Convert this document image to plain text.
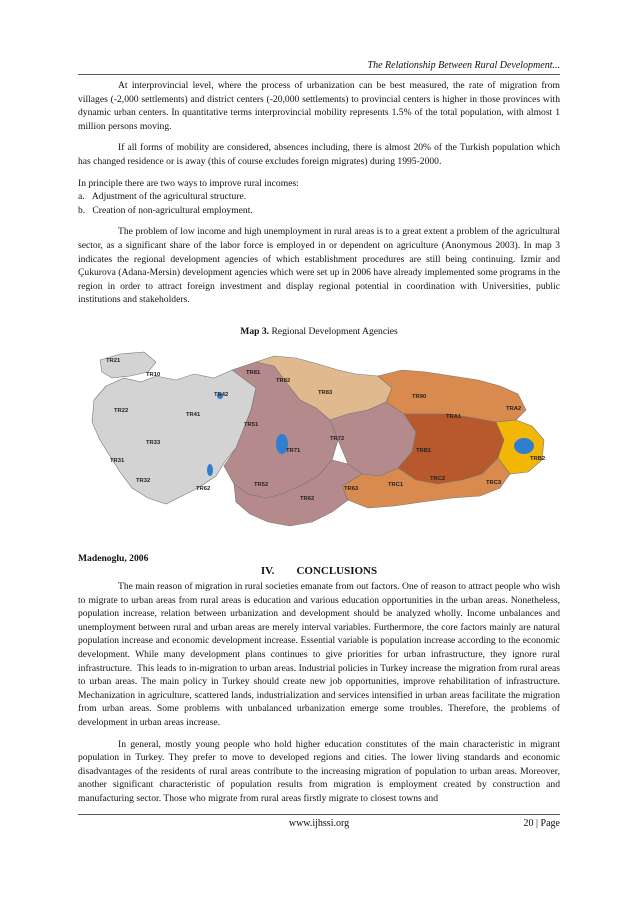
The Relationship Between Rural Development...

At interprovincial level, where the process of urbanization can be best measured, the rate of migration from villages (-2,000 settlements) and district centers (-20,000 settlements) to provincial centers is higher in those provinces with dynamic urban centers. In quantitative terms interprovincial mobility represents 1.5% of the total population, with almost 1 million persons moving.

If all forms of mobility are considered, absences including, there is almost 20% of the Turkish population which has changed residence or is away (this of course excludes foreign migrates) during 1995-2000.

In principle there are two ways to improve rural incomes:

a.   Adjustment of the agricultural structure.

b.   Creation of non-agricultural employment.

The problem of low income and high unemployment in rural areas is to a great extent a problem of the agricultural sector, as a significant share of the labor force is employed in or dependent on agriculture (Anonymous 2003). In map 3 indicates the regional development agencies of which establishment procedures are still being continuing. Izmir and Çukurova (Adana-Mersin) development agencies which were set up in 2006 have already implemented some programs in the region in order to attract foreign investment and display regional potential in coordination with Universities, public institutions and stakeholders.

Map 3. Regional Development Agencies
TR21
TR10
TR42
TR81
TR82
TR83
TR90
TRA2
TRA1
TR22
TR41
TR51
TR72
TR71	TRB1
TRB2
TR33
TR31
TR32
TR62
TR52
TR62
TR63
TRC1
TRC2
TRC3
Madenoglu, 2006
IV. CONCLUSIONS

The main reason of migration in rural societies emanate from out factors. One of reason to attract people who wish to migrate to urban areas from rural areas is education and various education opportunities in the urban areas. Nonetheless, population increase, relation between urbanization and development should be analyzed wholly. Income unbalances and unemployment between rural and urban areas are merely interval variables. Furthermore, the core factors mainly are natural population increase and economic development increase. Essential variable is population increase according to the economic development. While many development plans continues to give priorities for urban infrastructure, they ignore rural infrastructure.  This leads to in-migration to urban areas. Industrial policies in Turkey increase the migration from rural areas to urban areas. The main policy in Turkey should create new job opportunities, improve rehabilitation of infrastructure. Mechanization in agriculture, scattered lands, industrialization and services intensified in urban areas facilitate the migration from urban areas. Some problems with unbalanced urbanization emerge some troubles. Therefore, the problems of development in urban areas increase.

In general, mostly young people who hold higher education constitutes of the main characteristic in migrant population in Turkey. They prefer to move to developed regions and cities. The lower living standards and economic disadvantages of the residents of rural areas contribute to the increasing migration of population to urban areas. Moreover, another significant characteristic of population results from migration is employment created by construction and manufacturing sector. Those who migrate from rural areas firstly migrate to closest towns and

www.ijhssi.org	20 | Page
